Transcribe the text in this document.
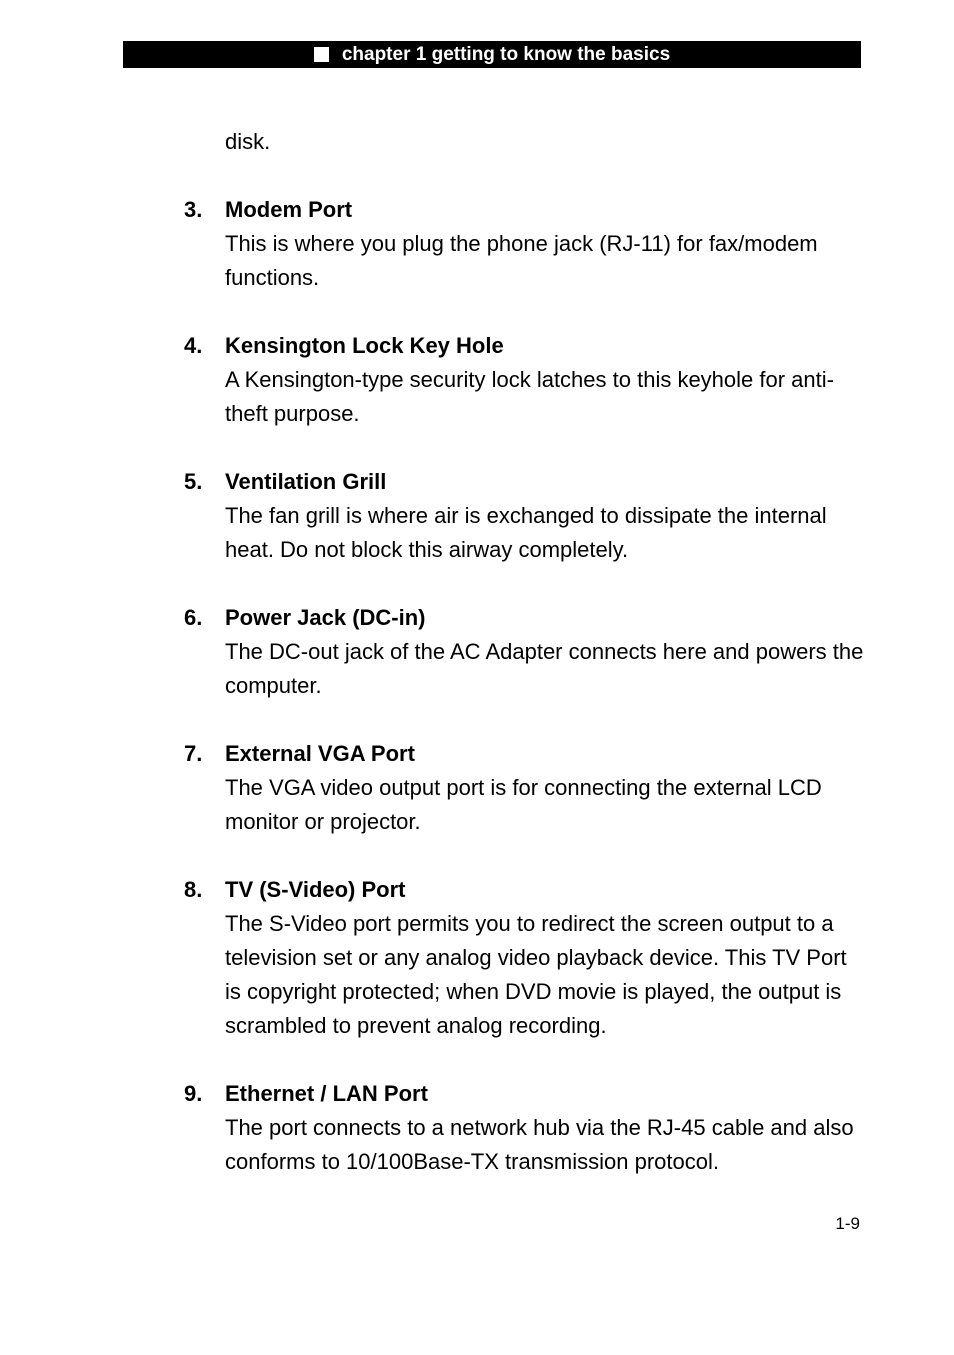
chapter 1 getting to know the basics

disk.

3.	Modem Port

This is where you plug the phone jack (RJ-11) for fax/modem functions.

4.	Kensington Lock Key Hole

A Kensington-type security lock latches to this keyhole for anti-theft purpose.

5.	Ventilation Grill

The fan grill is where air is exchanged to dissipate the internal heat. Do not block this airway completely.

6.	Power Jack (DC-in)

The DC-out jack of the AC Adapter connects here and powers the computer.

7.	External VGA Port

The VGA video output port is for connecting the external LCD monitor or projector.

8.	TV (S-Video) Port

The S-Video port permits you to redirect the screen output to a television set or any analog video playback device. This TV Port is copyright protected; when DVD movie is played, the output is scrambled to prevent analog recording.

9.	Ethernet / LAN Port

The port connects to a network hub via the RJ-45 cable and also conforms to 10/100Base-TX transmission protocol.

1-9
